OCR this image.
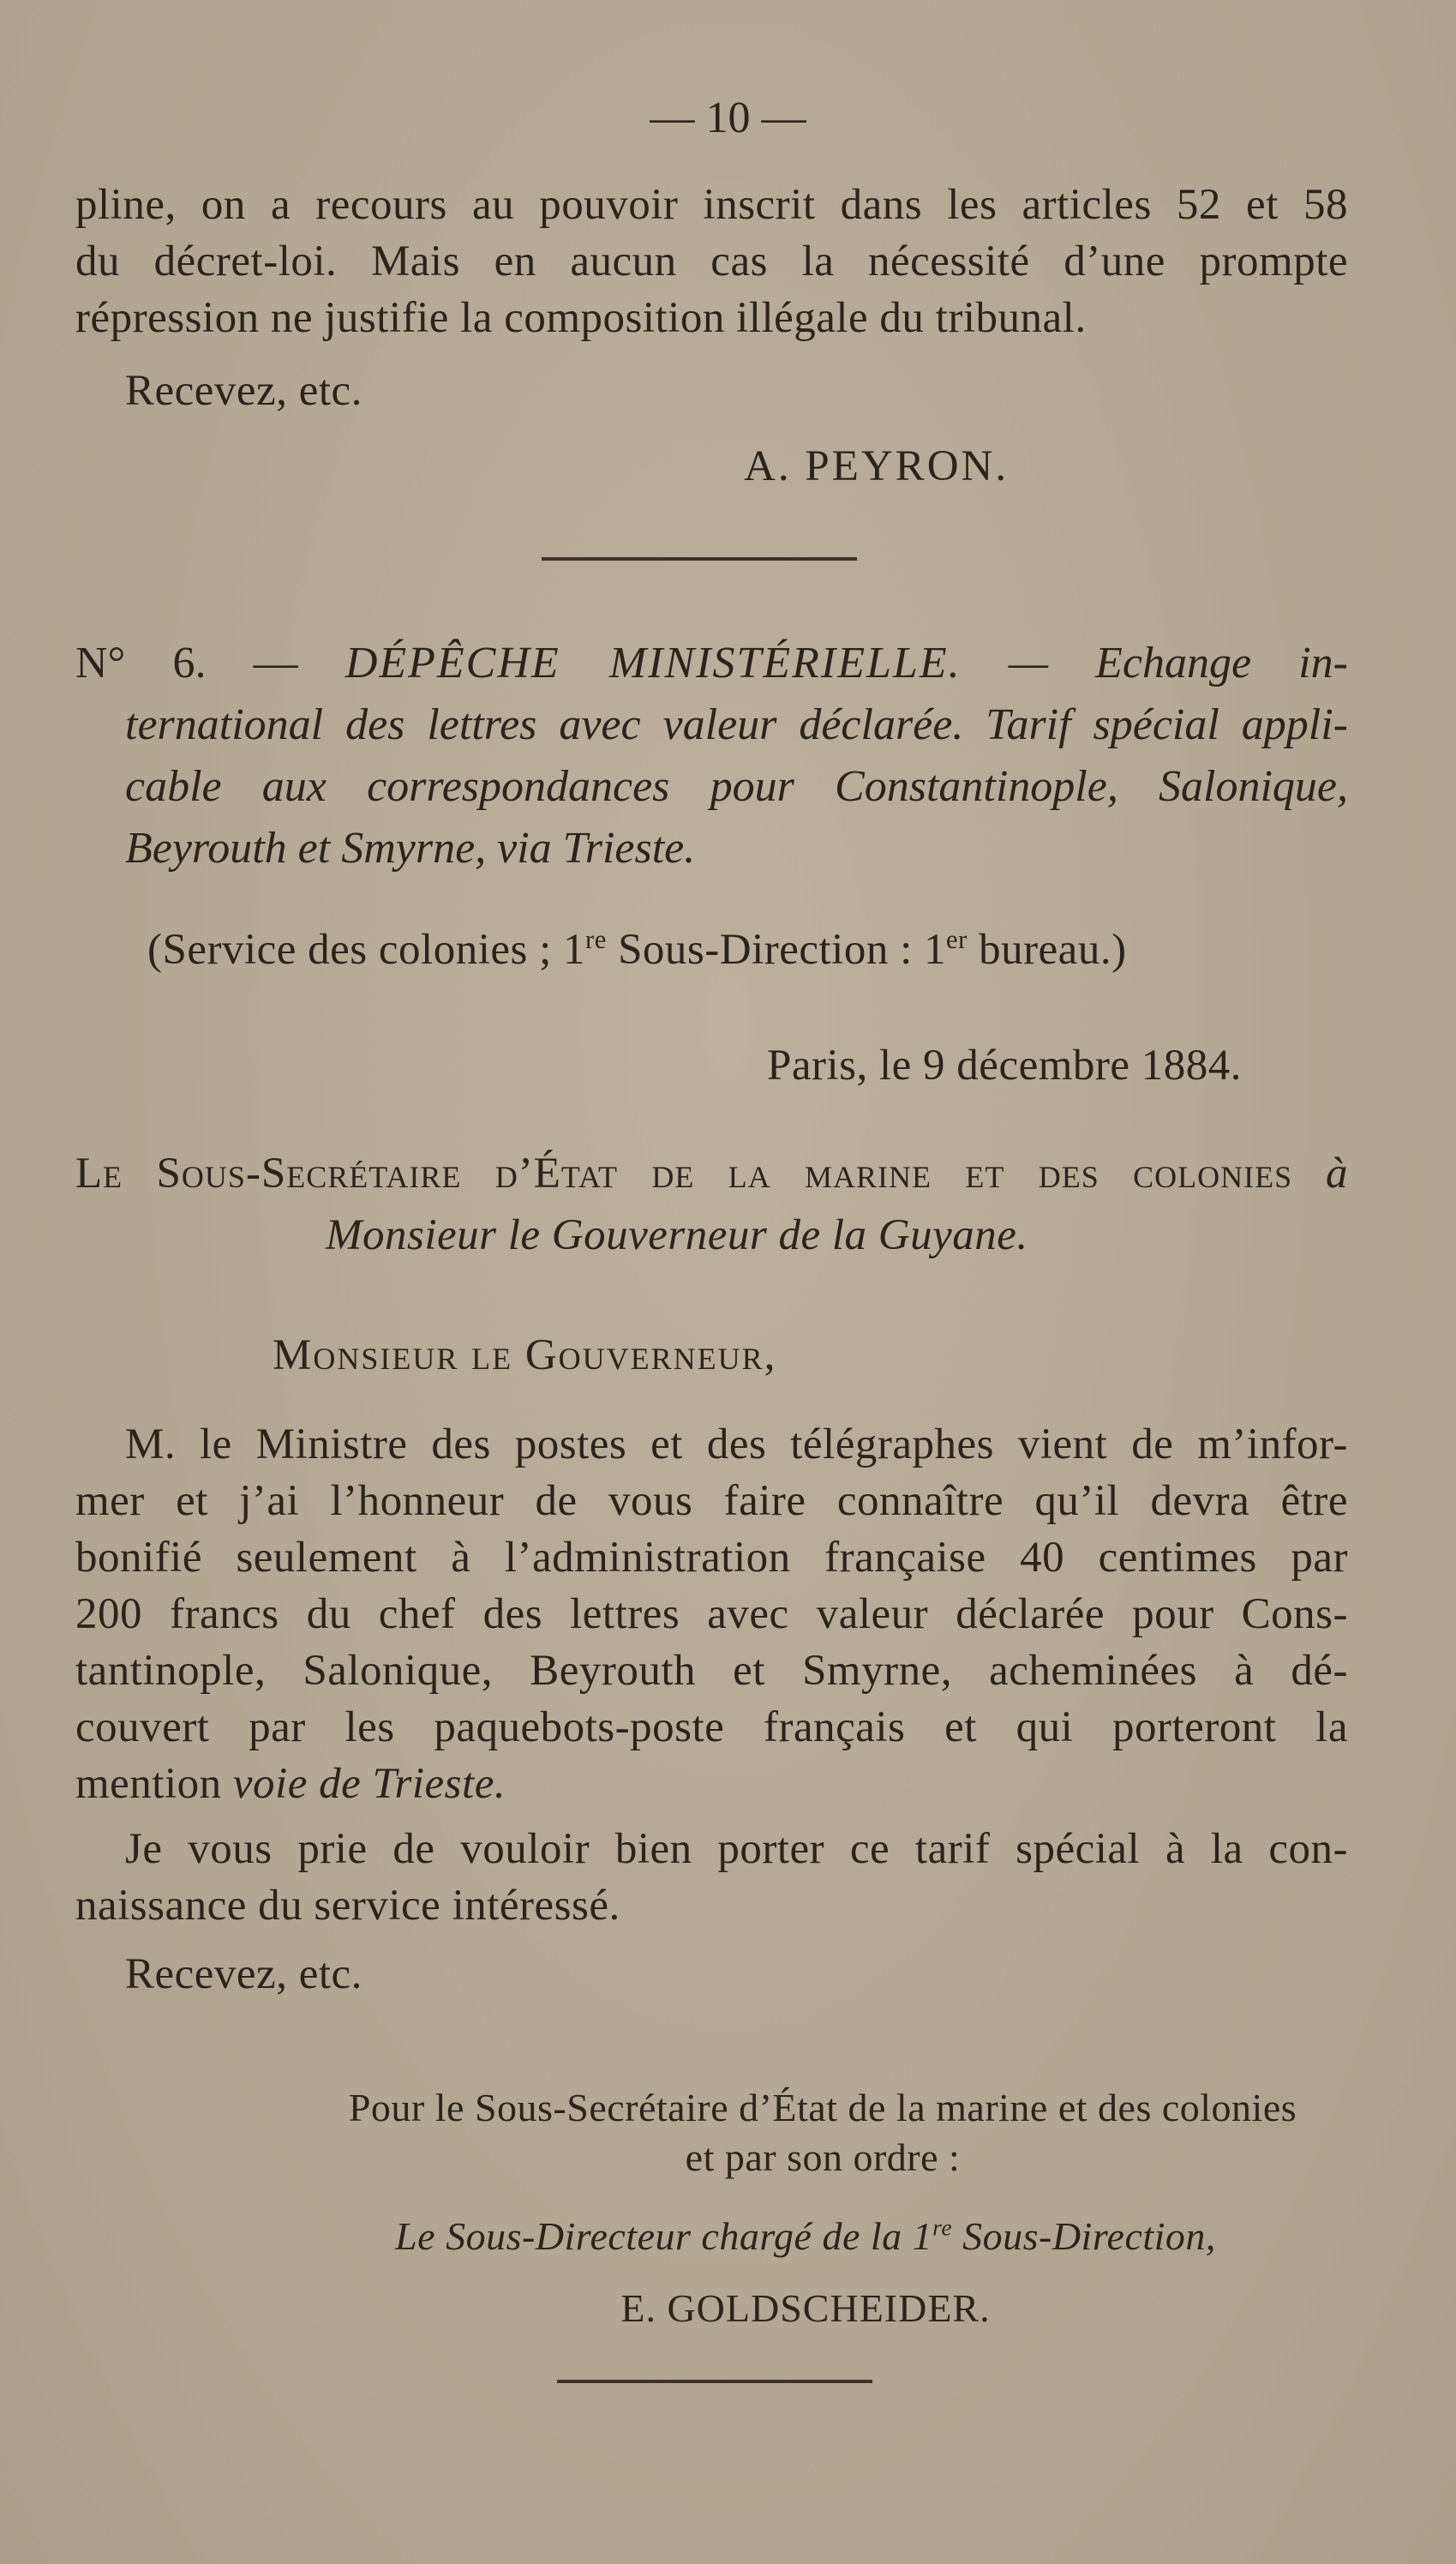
— 10 —
pline, on a recours au pouvoir inscrit dans les articles 52 et 58
du décret-loi. Mais en aucun cas la nécessité d’une prompte
répression ne justifie la composition illégale du tribunal.
Recevez, etc.
A. PEYRON.
N° 6. — DÉPÊCHE MINISTÉRIELLE. — Echange in-
ternational des lettres avec valeur déclarée. Tarif spécial appli-
cable aux correspondances pour Constantinople, Salonique,
Beyrouth et Smyrne, via Trieste.
(Service des colonies ; 1re Sous-Direction : 1er bureau.)
Paris, le 9 décembre 1884.
Le Sous-Secrétaire d’État de la marine et des colonies à
Monsieur le Gouverneur de la Guyane.
Monsieur le Gouverneur,
M. le Ministre des postes et des télégraphes vient de m’infor-
mer et j’ai l’honneur de vous faire connaître qu’il devra être
bonifié seulement à l’administration française 40 centimes par
200 francs du chef des lettres avec valeur déclarée pour Cons-
tantinople, Salonique, Beyrouth et Smyrne, acheminées à dé-
couvert par les paquebots-poste français et qui porteront la
mention voie de Trieste.
Je vous prie de vouloir bien porter ce tarif spécial à la con-
naissance du service intéressé.
Recevez, etc.
Pour le Sous-Secrétaire d’État de la marine et des colonies
et par son ordre :
Le Sous-Directeur chargé de la 1re Sous-Direction,
E. GOLDSCHEIDER.
